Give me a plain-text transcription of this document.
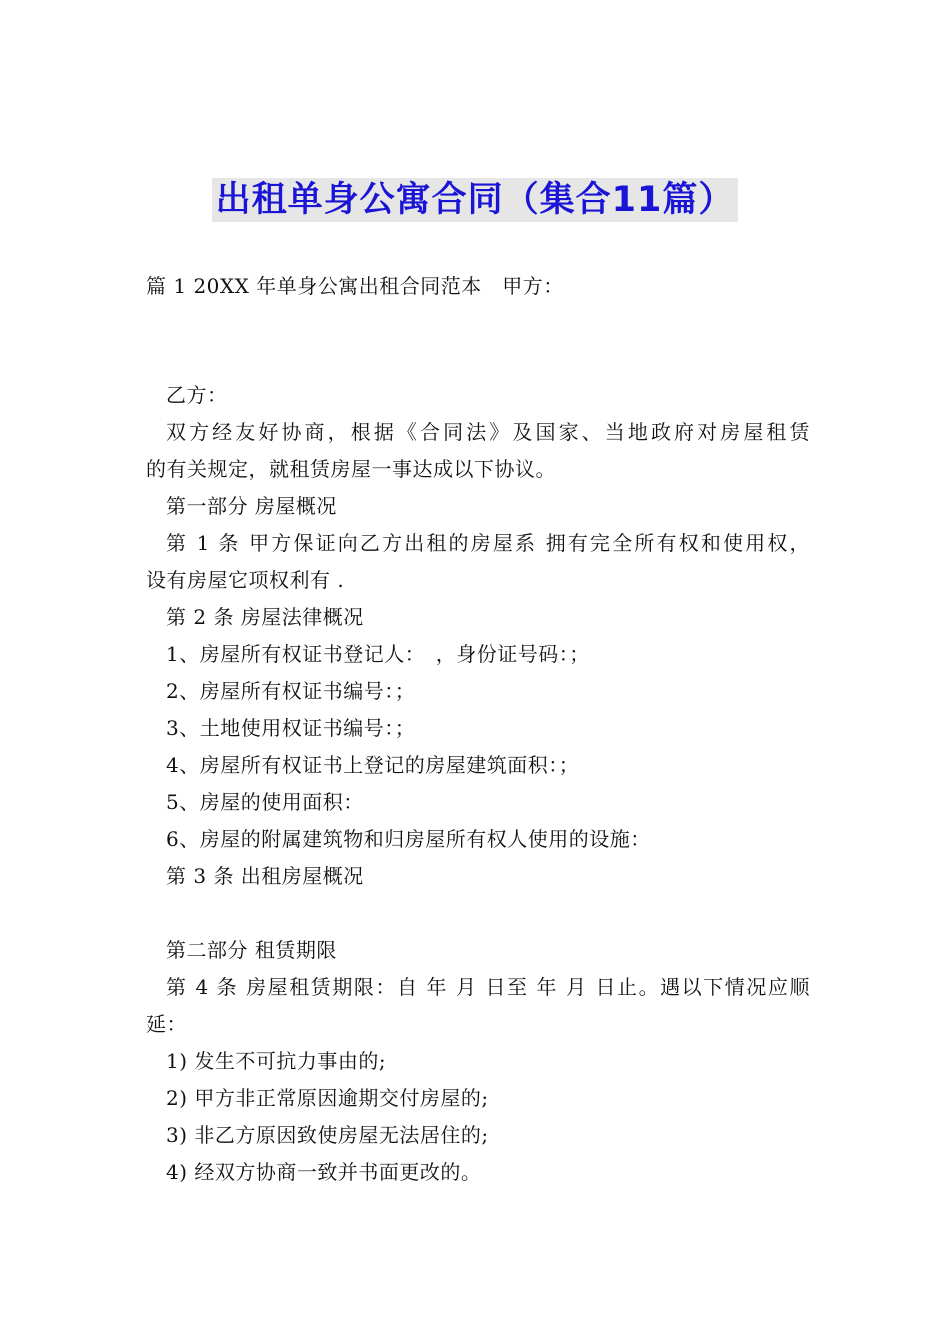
出租单身公寓合同（集合11篇）
篇 1 20XX 年单身公寓出租合同范本　甲方：
乙方：
双方经友好协商，根据《合同法》及国家、当地政府对房屋租赁
的有关规定，就租赁房屋一事达成以下协议。
第一部分 房屋概况
第 1 条 甲方保证向乙方出租的房屋系 拥有完全所有权和使用权，
设有房屋它项权利有 .
第 2 条 房屋法律概况
1、房屋所有权证书登记人：　，身份证号码：；
2、房屋所有权证书编号：；
3、土地使用权证书编号：；
4、房屋所有权证书上登记的房屋建筑面积：；
5、房屋的使用面积：
6、房屋的附属建筑物和归房屋所有权人使用的设施：
第 3 条 出租房屋概况
第二部分 租赁期限
第 4 条 房屋租赁期限：自 年 月 日至 年 月 日止。遇以下情况应顺
延：
1) 发生不可抗力事由的;
2) 甲方非正常原因逾期交付房屋的;
3) 非乙方原因致使房屋无法居住的;
4) 经双方协商一致并书面更改的。
